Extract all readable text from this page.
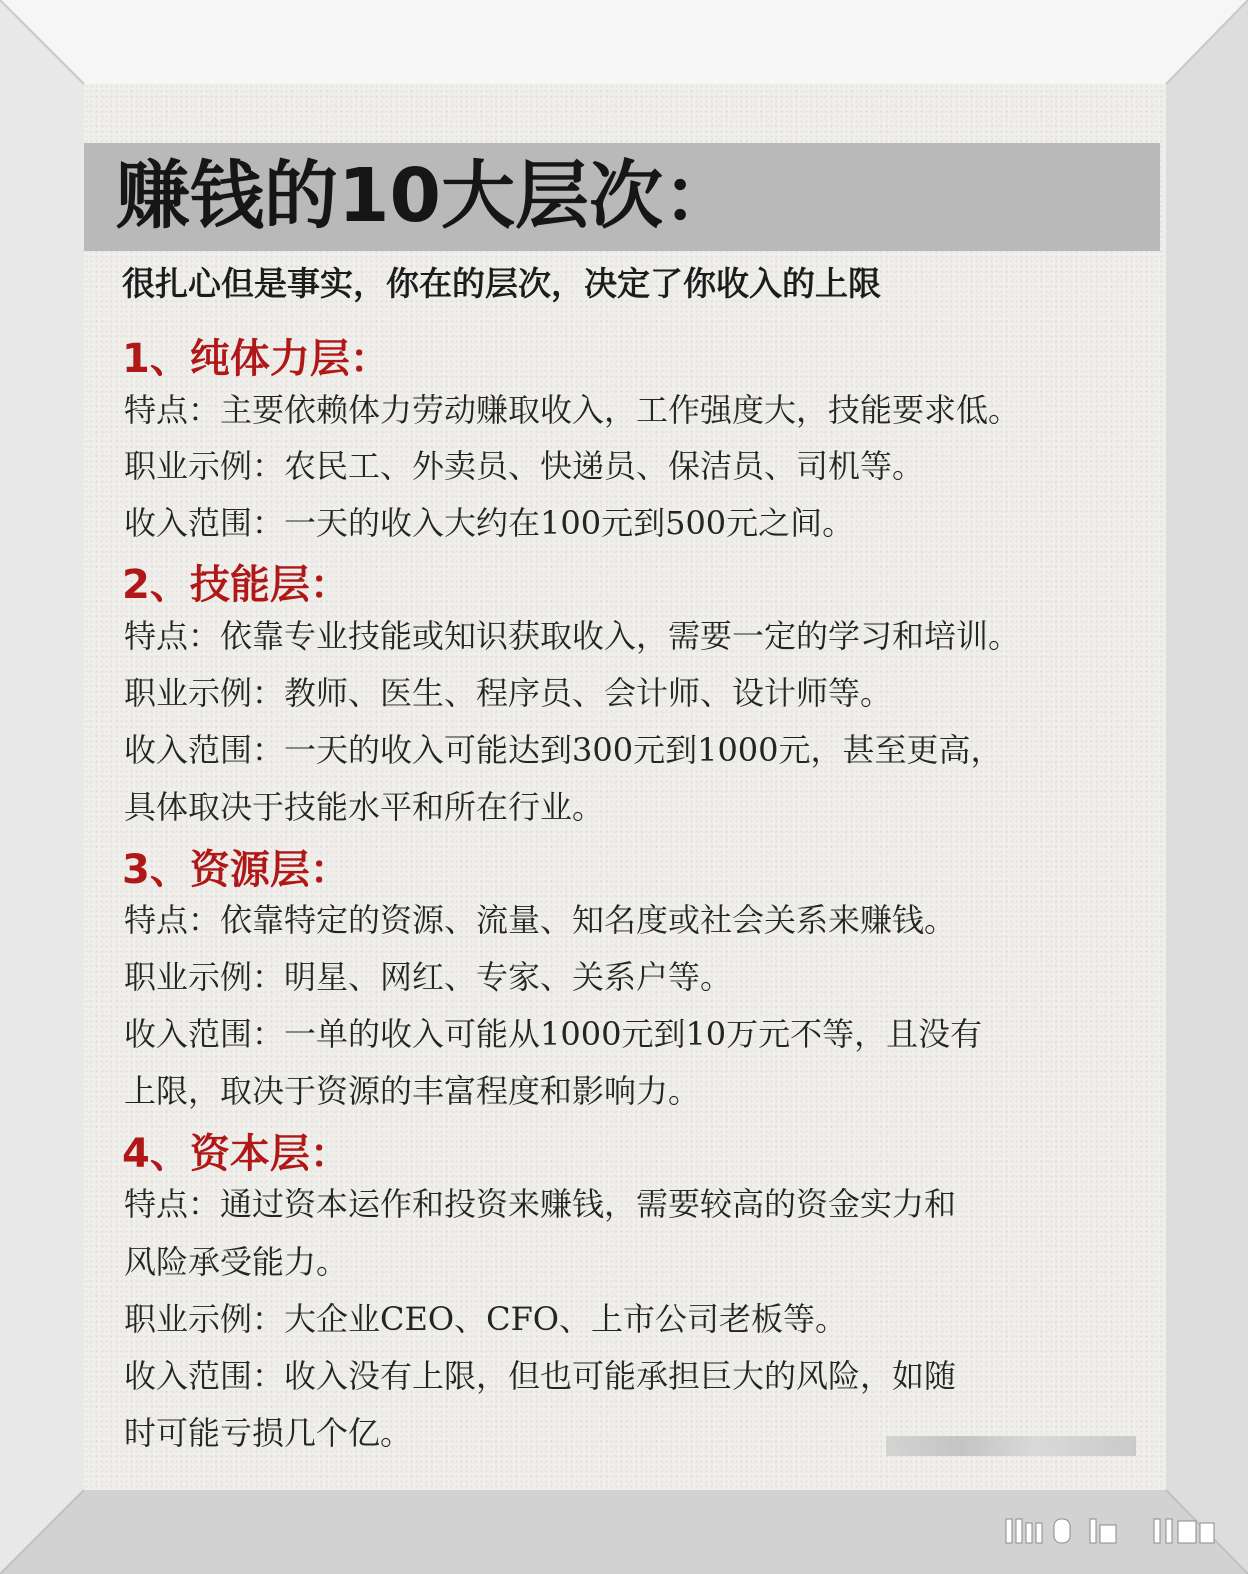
赚钱的10大层次：
很扎心但是事实，你在的层次，决定了你收入的上限
1、纯体力层：
特点：主要依赖体力劳动赚取收入，工作强度大，技能要求低。
职业示例：农民工、外卖员、快递员、保洁员、司机等。
收入范围：一天的收入大约在100元到500元之间。
2、技能层：
特点：依靠专业技能或知识获取收入，需要一定的学习和培训。
职业示例：教师、医生、程序员、会计师、设计师等。
收入范围：一天的收入可能达到300元到1000元，甚至更高，
具体取决于技能水平和所在行业。
3、资源层：
特点：依靠特定的资源、流量、知名度或社会关系来赚钱。
职业示例：明星、网红、专家、关系户等。
收入范围：一单的收入可能从1000元到10万元不等，且没有
上限，取决于资源的丰富程度和影响力。
4、资本层：
特点：通过资本运作和投资来赚钱，需要较高的资金实力和
风险承受能力。
职业示例：大企业CEO、CFO、上市公司老板等。
收入范围：收入没有上限，但也可能承担巨大的风险，如随
时可能亏损几个亿。
